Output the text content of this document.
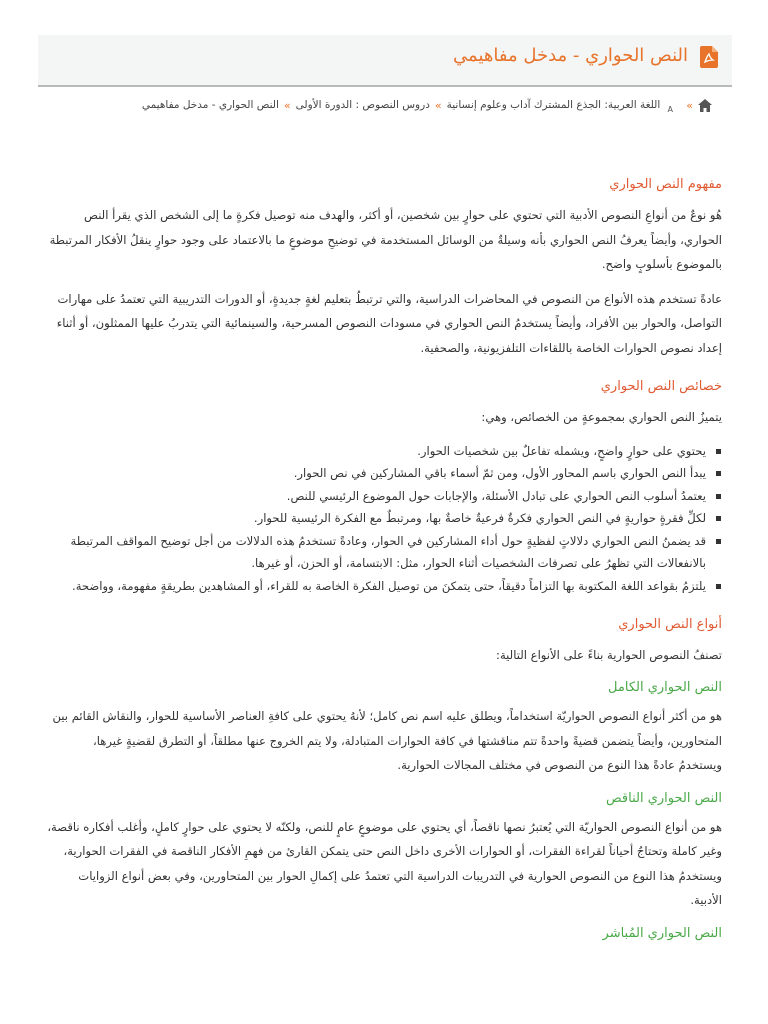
النص الحواري - مدخل مفاهيمي
»
A
اللغة العربية: الجذع المشترك آداب وعلوم إنسانية
»
دروس النصوص : الدورة الأولى
»
النص الحواري - مدخل مفاهيمي
مفهوم النص الحواري

هُو نوعٌ من أنواعِ النصوص الأدبية التي تحتوي على حوارٍ بين شخصين، أو أكثر، والهدف منه توصيل فكرةٍ ما إلى الشخص الذي يقرأ النص الحواري، وأيضاً يعرفُ النص الحواري بأنه وسيلةٌ من الوسائل المستخدمة في توضيحِ موضوعٍ ما بالاعتماد على وجود حوارٍ ينقلُ الأفكار المرتبطة بالموضوع بأسلوبٍ واضح.

عادةً تستخدم هذه الأنواع من النصوص في المحاضرات الدراسية، والتي ترتبطُ بتعليم لغةٍ جديدةٍ، أو الدورات التدريبية التي تعتمدُ على مهارات التواصل، والحوار بين الأفراد، وأيضاً يستخدمُ النص الحواري في مسودات النصوص المسرحية، والسينمائية التي يتدربُ عليها الممثلون، أو أثناء إعداد نصوص الحوارات الخاصة باللقاءات التلفزيونية، والصحفية.

خصائص النص الحواري

يتميزُ النص الحواري بمجموعةٍ من الخصائص، وهي:

يحتوي على حوارٍ واضحٍ، ويشمله تفاعلٌ بين شخصيات الحوار.
يبدأ النص الحواري باسم المحاور الأول، ومن ثمّ أسماء باقي المشاركين في نص الحوار.
يعتمدُ أسلوب النص الحواري على تبادل الأسئلة، والإجابات حول الموضوع الرئيسي للنص.
لكلِّ فقرةٍ حواريةٍ في النص الحواري فكرةٌ فرعيةٌ خاصةٌ بها، ومرتبطٌ مع الفكرة الرئيسية للحوار.
قد يضمنُ النص الحواري دلالاتٍ لفظيةٍ حول أداء المشاركين في الحوار، وعادةً تستخدمُ هذه الدلالات من أجل توضيح المواقف المرتبطة بالانفعالات التي تظهرُ على تصرفات الشخصيات أثناء الحوار، مثل: الابتسامة، أو الحزن، أو غيرها.
يلتزمُ بقواعد اللغة المكتوبة بها التزاماً دقيقاً، حتى يتمكنَ من توصيل الفكرة الخاصة به للقراء، أو المشاهدين بطريقةٍ مفهومة، وواضحة.
أنواع النص الحواري

تصنفُ النصوص الحوارية بناءً على الأنواع التالية:

النص الحواري الكامل

هو من أكثر أنواع النصوص الحواريّة استخداماً، ويطلق عليه اسم نص كامل؛ لأنهُ يحتوي على كافةِ العناصر الأساسية للحوار، والنقاش القائم بين المتحاورين، وأيضاً يتضمن قضيةً واحدةً تتم مناقشتها في كافة الحوارات المتبادلة، ولا يتم الخروج عنها مطلقاً، أو التطرق لقضيةٍ غيرها، ويستخدمُ عادةً هذا النوع من النصوص في مختلف المجالات الحوارية.

النص الحواري الناقص

هو من أنواع النصوص الحواريّة التي يُعتبرُ نصها ناقصاً، أي يحتوي على موضوعٍ عامٍ للنص، ولكنّه لا يحتوي على حوارٍ كاملٍ، وأغلب أفكاره ناقصة، وغير كاملة وتحتاجُ أحياناً لقراءة الفقرات، أو الحوارات الأخرى داخل النص حتى يتمكن القارئ من فهمِ الأفكار الناقصة في الفقرات الحوارية، ويستخدمُ هذا النوع من النصوص الحوارية في التدريبات الدراسية التي تعتمدُ على إكمالِ الحوار بين المتحاورين، وفي بعض أنواع الزوايات الأدبية.

النص الحواري المُباشر
